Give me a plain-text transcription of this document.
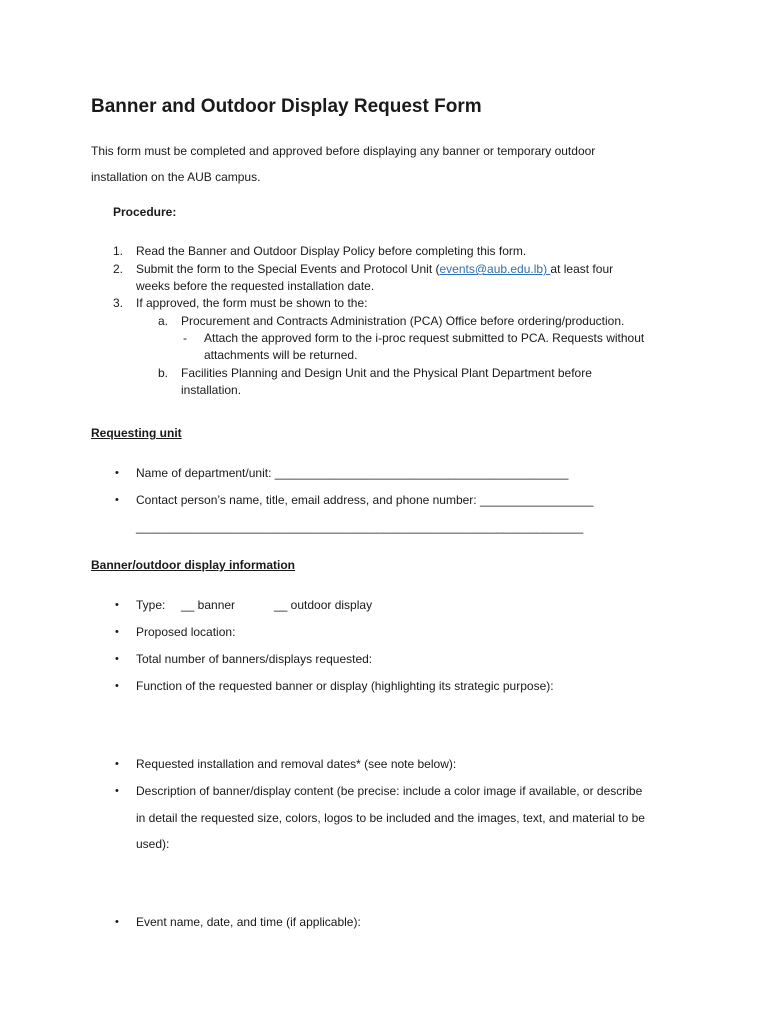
Banner and Outdoor Display Request Form
This form must be completed and approved before displaying any banner or temporary outdoor
installation on the AUB campus.
Procedure:
1. Read the Banner and Outdoor Display Policy before completing this form.
2. Submit the form to the Special Events and Protocol Unit (events@aub.edu.lb) at least four
weeks before the requested installation date.
3. If approved, the form must be shown to the:
a. Procurement and Contracts Administration (PCA) Office before ordering/production.
- Attach the approved form to the i-proc request submitted to PCA. Requests without
attachments will be returned.
b. Facilities Planning and Design Unit and the Physical Plant Department before
installation.
Requesting unit
• Name of department/unit: ____________________________________________
• Contact person’s name, title, email address, and phone number: _________________
___________________________________________________________________
Banner/outdoor display information
• Type: __ banner	__ outdoor display
• Proposed location:
• Total number of banners/displays requested:
• Function of the requested banner or display (highlighting its strategic purpose):
• Requested installation and removal dates* (see note below):
• Description of banner/display content (be precise: include a color image if available, or describe
in detail the requested size, colors, logos to be included and the images, text, and material to be
used):
• Event name, date, and time (if applicable):
